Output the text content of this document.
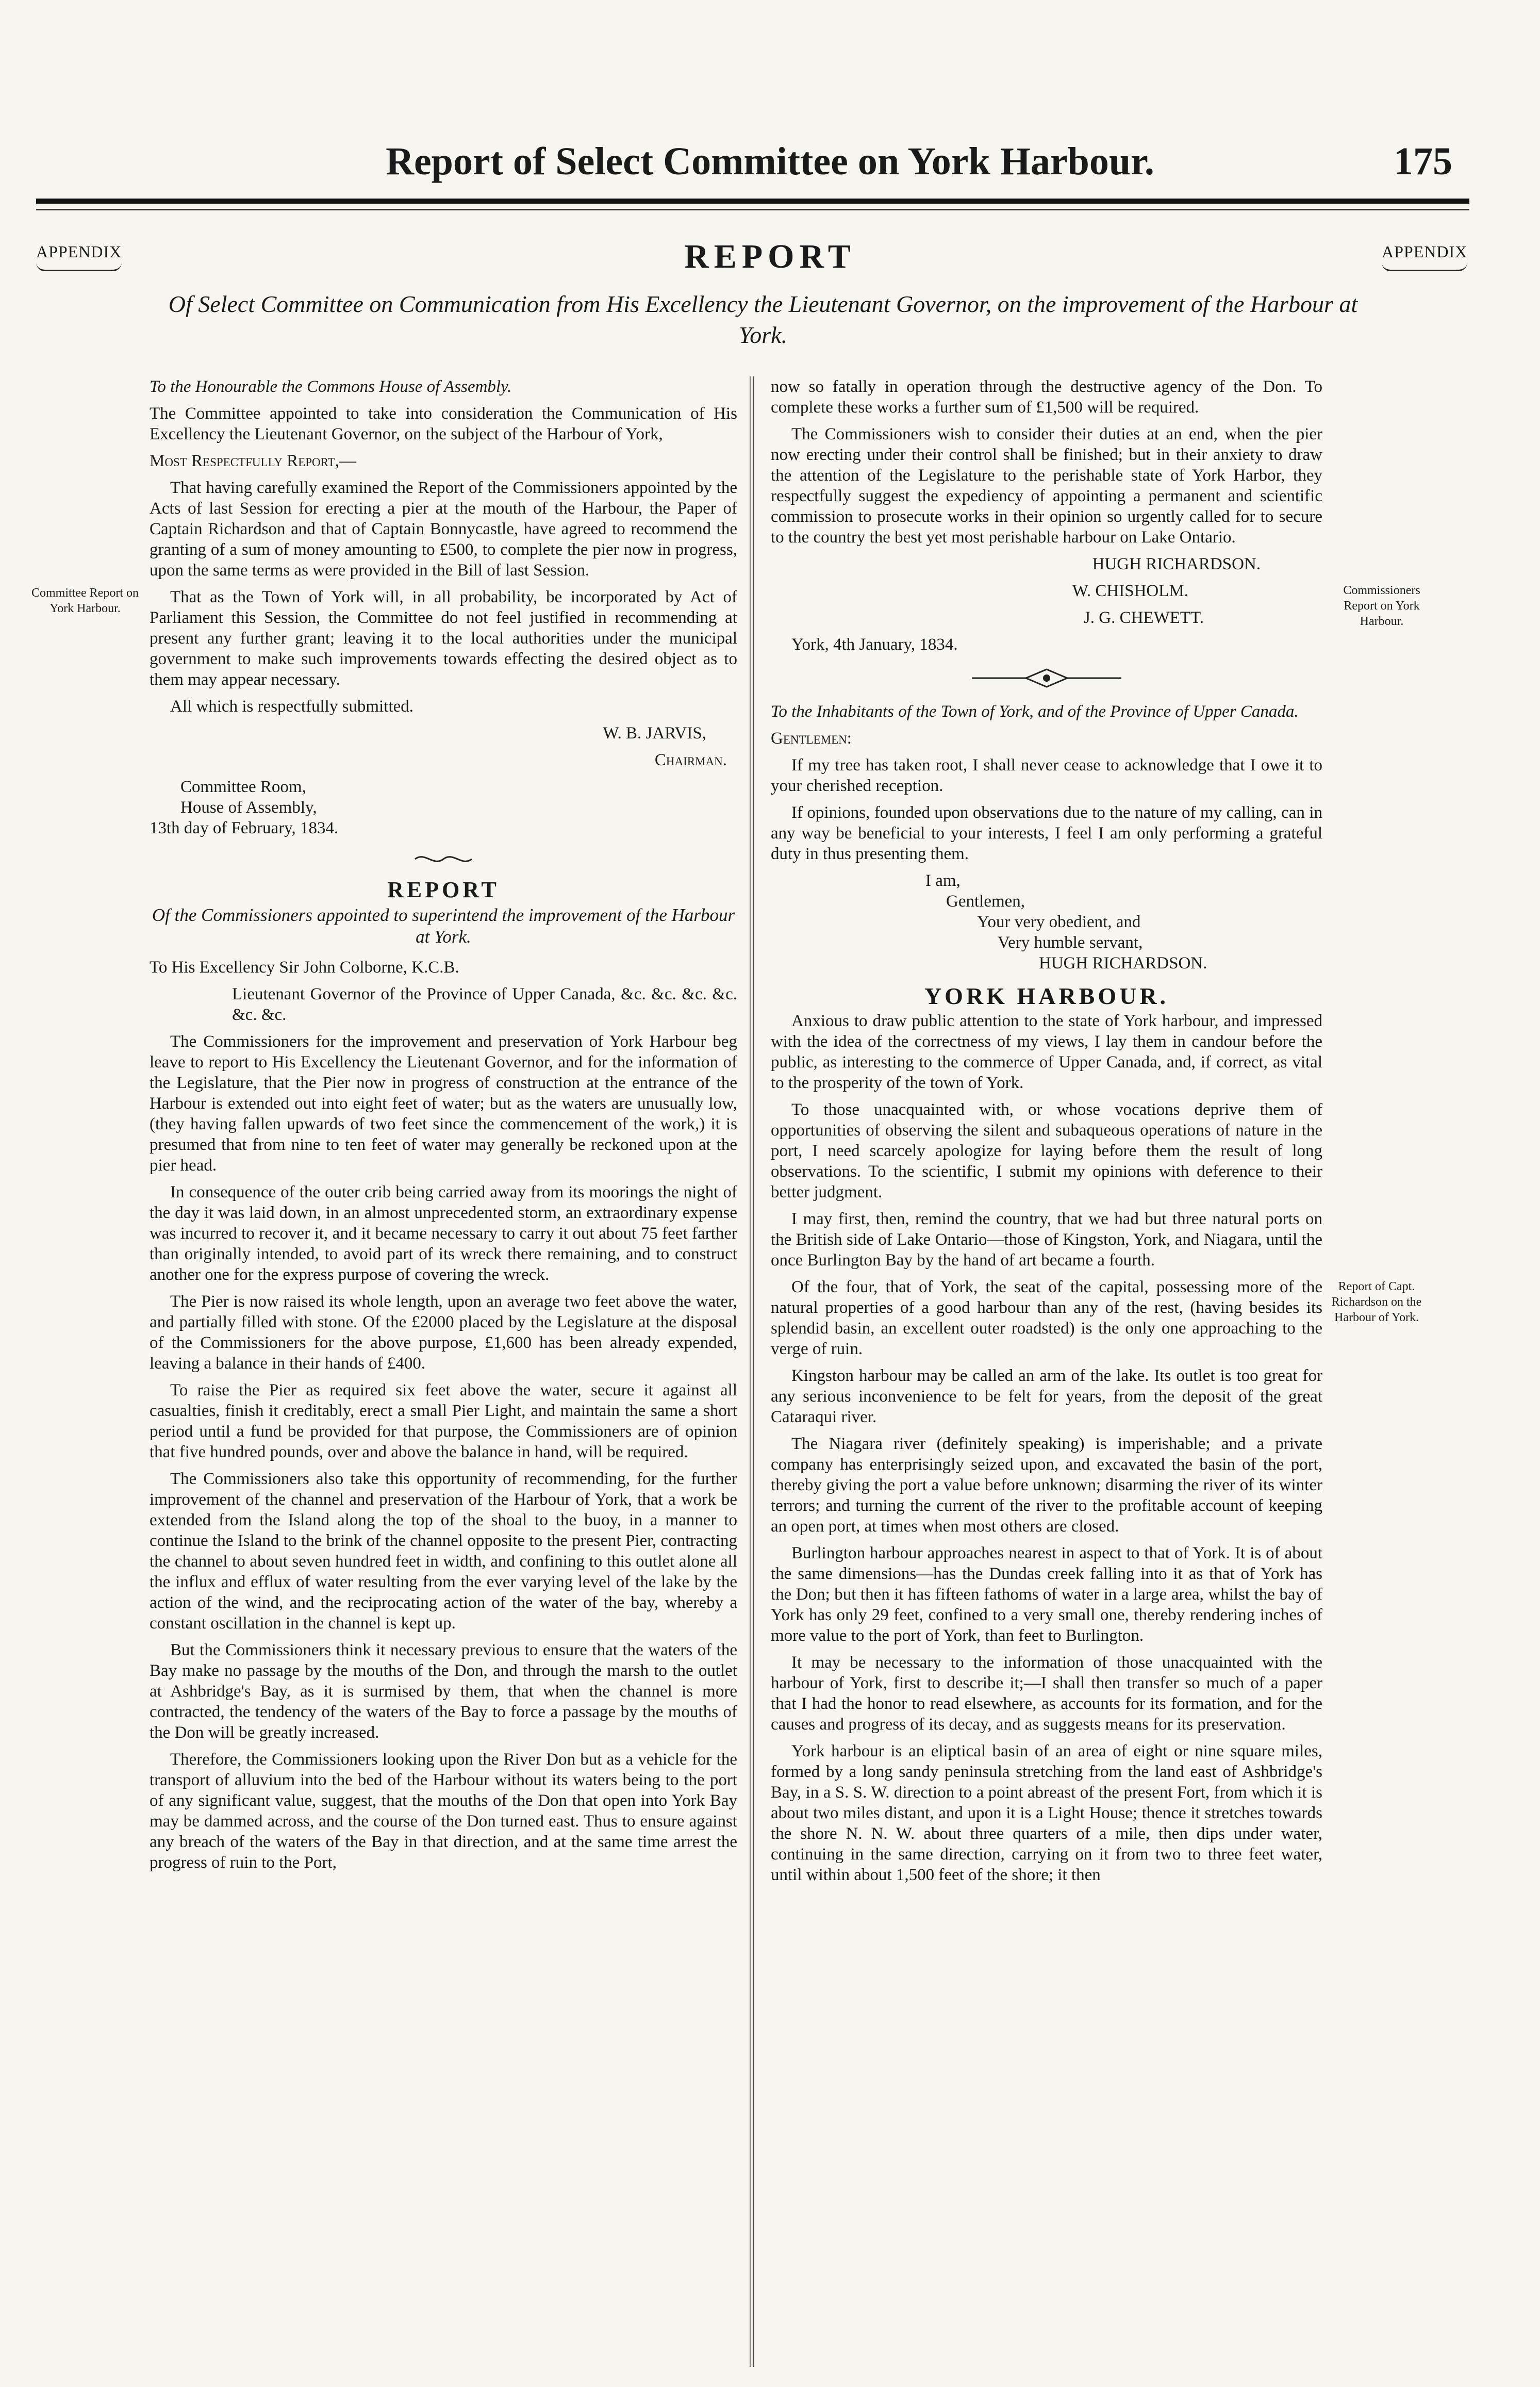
Report of Select Committee on York Harbour.	175
APPENDIX	APPENDIX
REPORT
Of Select Committee on Communication from His Excellency the Lieutenant Governor, on the improvement of the Harbour at York.
Committee Report on York Harbour.
Commissioners Report on York Harbour.
Report of Capt. Richardson on the Harbour of York.

To the Honourable the Commons House of Assembly.

The Committee appointed to take into consideration the Communication of His Excellency the Lieutenant Governor, on the subject of the Harbour of York,

Most Respectfully Report,—

That having carefully examined the Report of the Commissioners appointed by the Acts of last Session for erecting a pier at the mouth of the Harbour, the Paper of Captain Richardson and that of Captain Bonnycastle, have agreed to recommend the granting of a sum of money amounting to £500, to complete the pier now in progress, upon the same terms as were provided in the Bill of last Session.

That as the Town of York will, in all probability, be incorporated by Act of Parliament this Session, the Committee do not feel justified in recommending at present any further grant; leaving it to the local authorities under the municipal government to make such improvements towards effecting the desired object as to them may appear necessary.

All which is respectfully submitted.

W. B. JARVIS,

Chairman.

Committee Room,
House of Assembly,
13th day of February, 1834.
REPORT
Of the Commissioners appointed to superintend the improvement of the Harbour at York.

To His Excellency Sir John Colborne, K.C.B.

Lieutenant Governor of the Province of Upper Canada, &c. &c. &c. &c. &c. &c.

The Commissioners for the improvement and preservation of York Harbour beg leave to report to His Excellency the Lieutenant Governor, and for the information of the Legislature, that the Pier now in progress of construction at the entrance of the Harbour is extended out into eight feet of water; but as the waters are unusually low, (they having fallen upwards of two feet since the commencement of the work,) it is presumed that from nine to ten feet of water may generally be reckoned upon at the pier head.

In consequence of the outer crib being carried away from its moorings the night of the day it was laid down, in an almost unprecedented storm, an extraordinary expense was incurred to recover it, and it became necessary to carry it out about 75 feet farther than originally intended, to avoid part of its wreck there remaining, and to construct another one for the express purpose of covering the wreck.

The Pier is now raised its whole length, upon an average two feet above the water, and partially filled with stone. Of the £2000 placed by the Legislature at the disposal of the Commissioners for the above purpose, £1,600 has been already expended, leaving a balance in their hands of £400.

To raise the Pier as required six feet above the water, secure it against all casualties, finish it creditably, erect a small Pier Light, and maintain the same a short period until a fund be provided for that purpose, the Commissioners are of opinion that five hundred pounds, over and above the balance in hand, will be required.

The Commissioners also take this opportunity of recommending, for the further improvement of the channel and preservation of the Harbour of York, that a work be extended from the Island along the top of the shoal to the buoy, in a manner to continue the Island to the brink of the channel opposite to the present Pier, contracting the channel to about seven hundred feet in width, and confining to this outlet alone all the influx and efflux of water resulting from the ever varying level of the lake by the action of the wind, and the reciprocating action of the water of the bay, whereby a constant oscillation in the channel is kept up.

But the Commissioners think it necessary previous to ensure that the waters of the Bay make no passage by the mouths of the Don, and through the marsh to the outlet at Ashbridge's Bay, as it is surmised by them, that when the channel is more contracted, the tendency of the waters of the Bay to force a passage by the mouths of the Don will be greatly increased.

Therefore, the Commissioners looking upon the River Don but as a vehicle for the transport of alluvium into the bed of the Harbour without its waters being to the port of any significant value, suggest, that the mouths of the Don that open into York Bay may be dammed across, and the course of the Don turned east. Thus to ensure against any breach of the waters of the Bay in that direction, and at the same time arrest the progress of ruin to the Port,

now so fatally in operation through the destructive agency of the Don. To complete these works a further sum of £1,500 will be required.

The Commissioners wish to consider their duties at an end, when the pier now erecting under their control shall be finished; but in their anxiety to draw the attention of the Legislature to the perishable state of York Harbor, they respectfully suggest the expediency of appointing a permanent and scientific commission to prosecute works in their opinion so urgently called for to secure to the country the best yet most perishable harbour on Lake Ontario.

HUGH RICHARDSON.

W. CHISHOLM.

J. G. CHEWETT.

York, 4th January, 1834.

To the Inhabitants of the Town of York, and of the Province of Upper Canada.

Gentlemen:

If my tree has taken root, I shall never cease to acknowledge that I owe it to your cherished reception.

If opinions, founded upon observations due to the nature of my calling, can in any way be beneficial to your interests, I feel I am only performing a grateful duty in thus presenting them.

I am,

Gentlemen,

Your very obedient, and

Very humble servant,

HUGH RICHARDSON.

YORK HARBOUR.

Anxious to draw public attention to the state of York harbour, and impressed with the idea of the correctness of my views, I lay them in candour before the public, as interesting to the commerce of Upper Canada, and, if correct, as vital to the prosperity of the town of York.

To those unacquainted with, or whose vocations deprive them of opportunities of observing the silent and subaqueous operations of nature in the port, I need scarcely apologize for laying before them the result of long observations. To the scientific, I submit my opinions with deference to their better judgment.

I may first, then, remind the country, that we had but three natural ports on the British side of Lake Ontario—those of Kingston, York, and Niagara, until the once Burlington Bay by the hand of art became a fourth.

Of the four, that of York, the seat of the capital, possessing more of the natural properties of a good harbour than any of the rest, (having besides its splendid basin, an excellent outer roadsted) is the only one approaching to the verge of ruin.

Kingston harbour may be called an arm of the lake. Its outlet is too great for any serious inconvenience to be felt for years, from the deposit of the great Cataraqui river.

The Niagara river (definitely speaking) is imperishable; and a private company has enterprisingly seized upon, and excavated the basin of the port, thereby giving the port a value before unknown; disarming the river of its winter terrors; and turning the current of the river to the profitable account of keeping an open port, at times when most others are closed.

Burlington harbour approaches nearest in aspect to that of York. It is of about the same dimensions—has the Dundas creek falling into it as that of York has the Don; but then it has fifteen fathoms of water in a large area, whilst the bay of York has only 29 feet, confined to a very small one, thereby rendering inches of more value to the port of York, than feet to Burlington.

It may be necessary to the information of those unacquainted with the harbour of York, first to describe it;—I shall then transfer so much of a paper that I had the honor to read elsewhere, as accounts for its formation, and for the causes and progress of its decay, and as suggests means for its preservation.

York harbour is an eliptical basin of an area of eight or nine square miles, formed by a long sandy peninsula stretching from the land east of Ashbridge's Bay, in a S. S. W. direction to a point abreast of the present Fort, from which it is about two miles distant, and upon it is a Light House; thence it stretches towards the shore N. N. W. about three quarters of a mile, then dips under water, continuing in the same direction, carrying on it from two to three feet water, until within about 1,500 feet of the shore; it then
